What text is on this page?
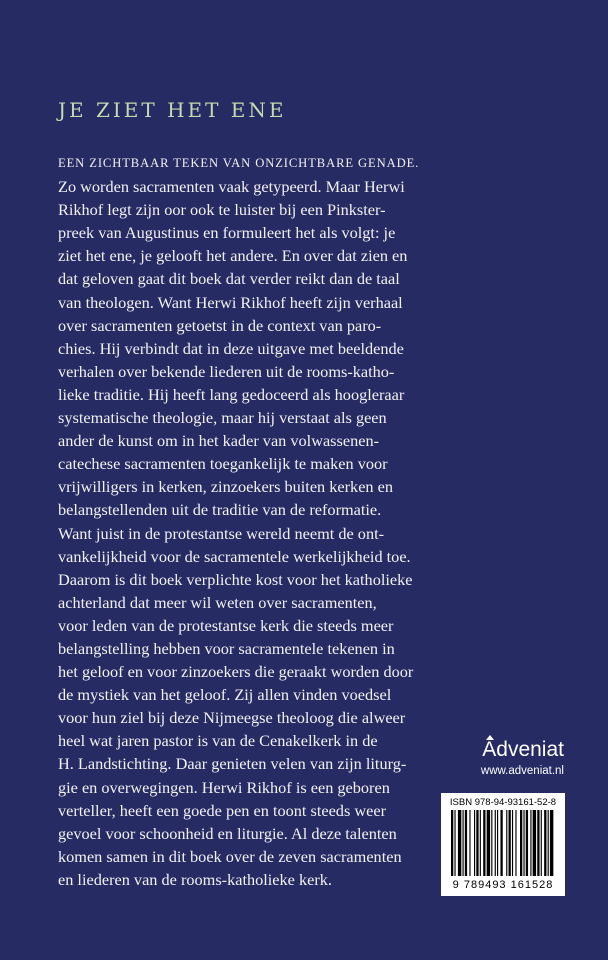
JE ZIET HET ENE
EEN ZICHTBAAR TEKEN VAN ONZICHTBARE GENADE.
Zo worden sacramenten vaak getypeerd. Maar Herwi
Rikhof legt zijn oor ook te luister bij een Pinkster-
preek van Augustinus en formuleert het als volgt: je
ziet het ene, je gelooft het andere. En over dat zien en
dat geloven gaat dit boek dat verder reikt dan de taal
van theologen. Want Herwi Rikhof heeft zijn verhaal
over sacramenten getoetst in de context van paro-
chies. Hij verbindt dat in deze uitgave met beeldende
verhalen over bekende liederen uit de rooms-katho-
lieke traditie. Hij heeft lang gedoceerd als hoogleraar
systematische theologie, maar hij verstaat als geen
ander de kunst om in het kader van volwassenen-
catechese sacramenten toegankelijk te maken voor
vrijwilligers in kerken, zinzoekers buiten kerken en
belangstellenden uit de traditie van de reformatie.
Want juist in de protestantse wereld neemt de ont-
vankelijkheid voor de sacramentele werkelijkheid toe.
Daarom is dit boek verplichte kost voor het katholieke
achterland dat meer wil weten over sacramenten,
voor leden van de protestantse kerk die steeds meer
belangstelling hebben voor sacramentele tekenen in
het geloof en voor zinzoekers die geraakt worden door
de mystiek van het geloof. Zij allen vinden voedsel
voor hun ziel bij deze Nijmeegse theoloog die alweer
heel wat jaren pastor is van de Cenakelkerk in de
H. Landstichting. Daar genieten velen van zijn liturg-
gie en overwegingen. Herwi Rikhof is een geboren
verteller, heeft een goede pen en toont steeds weer
gevoel voor schoonheid en liturgie. Al deze talenten
komen samen in dit boek over de zeven sacramenten
en liederen van de rooms-katholieke kerk.
Adveniat
www.adveniat.nl
ISBN 978-94-93161-52-8
9 789493 161528
